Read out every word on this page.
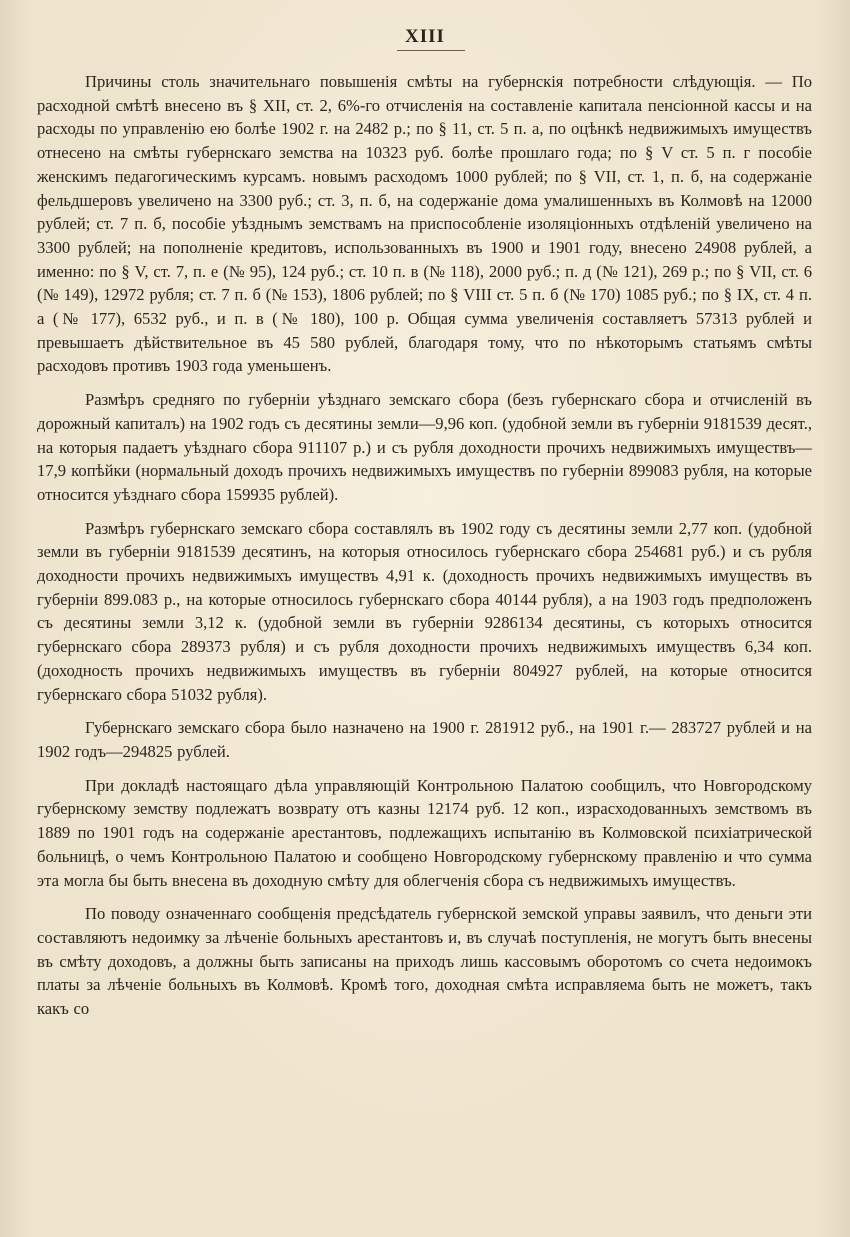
XIII

Причины столь значительнаго повышенія смѣты на губернскія потребности слѣдующія. — По расходной смѣтѣ внесено въ § XII, ст. 2, 6%-го отчисленія на составленіе капитала пенсіонной кассы и на расходы по управленію ею болѣе 1902 г. на 2482 р.; по § 11, ст. 5 п. а, по оцѣнкѣ недвижимыхъ имуществъ отнесено на смѣты губернскаго земства на 10323 руб. болѣе прошлаго года; по § V ст. 5 п. г пособіе женскимъ педагогическимъ курсамъ. новымъ расходомъ 1000 рублей; по § VII, ст. 1, п. б, на содержаніе фельдшеровъ увеличено на 3300 руб.; ст. 3, п. б, на содержаніе дома умалишенныхъ въ Колмовѣ на 12000 рублей; ст. 7 п. б, пособіе уѣзднымъ земствамъ на приспособленіе изоляціонныхъ отдѣленій увеличено на 3300 рублей; на пополненіе кредитовъ, использованныхъ въ 1900 и 1901 году, внесено 24908 рублей, а именно: по § V, ст. 7, п. е (№ 95), 124 руб.; ст. 10 п. в (№ 118), 2000 руб.; п. д (№ 121), 269 р.; по § VII, ст. 6 (№ 149), 12972 рубля; ст. 7 п. б (№ 153), 1806 рублей; по § VIII ст. 5 п. б (№ 170) 1085 руб.; по § IX, ст. 4 п. а (№ 177), 6532 руб., и п. в (№ 180), 100 р. Общая сумма увеличенія составляетъ 57313 рублей и превышаетъ дѣйствительное въ 45 580 рублей, благодаря тому, что по нѣкоторымъ статьямъ смѣты расходовъ противъ 1903 года уменьшенъ.

Размѣръ средняго по губерніи уѣзднаго земскаго сбора (безъ губернскаго сбора и отчисленій въ дорожный капиталъ) на 1902 годъ съ десятины земли—9,96 коп. (удобной земли въ губерніи 9181539 десят., на которыя падаетъ уѣзднаго сбора 911107 р.) и съ рубля доходности прочихъ недвижимыхъ имуществъ—17,9 копѣйки (нормальный доходъ прочихъ недвижимыхъ имуществъ по губерніи 899083 рубля, на которые относится уѣзднаго сбора 159935 рублей).

Размѣръ губернскаго земскаго сбора составлялъ въ 1902 году съ десятины земли 2,77 коп. (удобной земли въ губерніи 9181539 десятинъ, на которыя относилось губернскаго сбора 254681 руб.) и съ рубля доходности прочихъ недвижимыхъ имуществъ 4,91 к. (доходность прочихъ недвижимыхъ имуществъ въ губерніи 899.083 р., на которые относилось губернскаго сбора 40144 рубля), а на 1903 годъ предположенъ съ десятины земли 3,12 к. (удобной земли въ губерніи 9286134 десятины, съ которыхъ относится губернскаго сбора 289373 рубля) и съ рубля доходности прочихъ недвижимыхъ имуществъ 6,34 коп. (доходность прочихъ недвижимыхъ имуществъ въ губерніи 804927 рублей, на которые относится губернскаго сбора 51032 рубля).

Губернскаго земскаго сбора было назначено на 1900 г. 281912 руб., на 1901 г.— 283727 рублей и на 1902 годъ—294825 рублей.

При докладѣ настоящаго дѣла управляющій Контрольною Палатою сообщилъ, что Новгородскому губернскому земству подлежатъ возврату отъ казны 12174 руб. 12 коп., израсходованныхъ земствомъ въ 1889 по 1901 годъ на содержаніе арестантовъ, подлежащихъ испытанію въ Колмовской психіатрической больницѣ, о чемъ Контрольною Палатою и сообщено Новгородскому губернскому правленію и что сумма эта могла бы быть внесена въ доходную смѣту для облегченія сбора съ недвижимыхъ имуществъ.

По поводу означеннаго сообщенія предсѣдатель губернской земской управы заявилъ, что деньги эти составляютъ недоимку за лѣченіе больныхъ арестантовъ и, въ случаѣ поступленія, не могутъ быть внесены въ смѣту доходовъ, а должны быть записаны на приходъ лишь кассовымъ оборотомъ со счета недоимокъ платы за лѣченіе больныхъ въ Колмовѣ. Кромѣ того, доходная смѣта исправляема быть не можетъ, такъ какъ со
